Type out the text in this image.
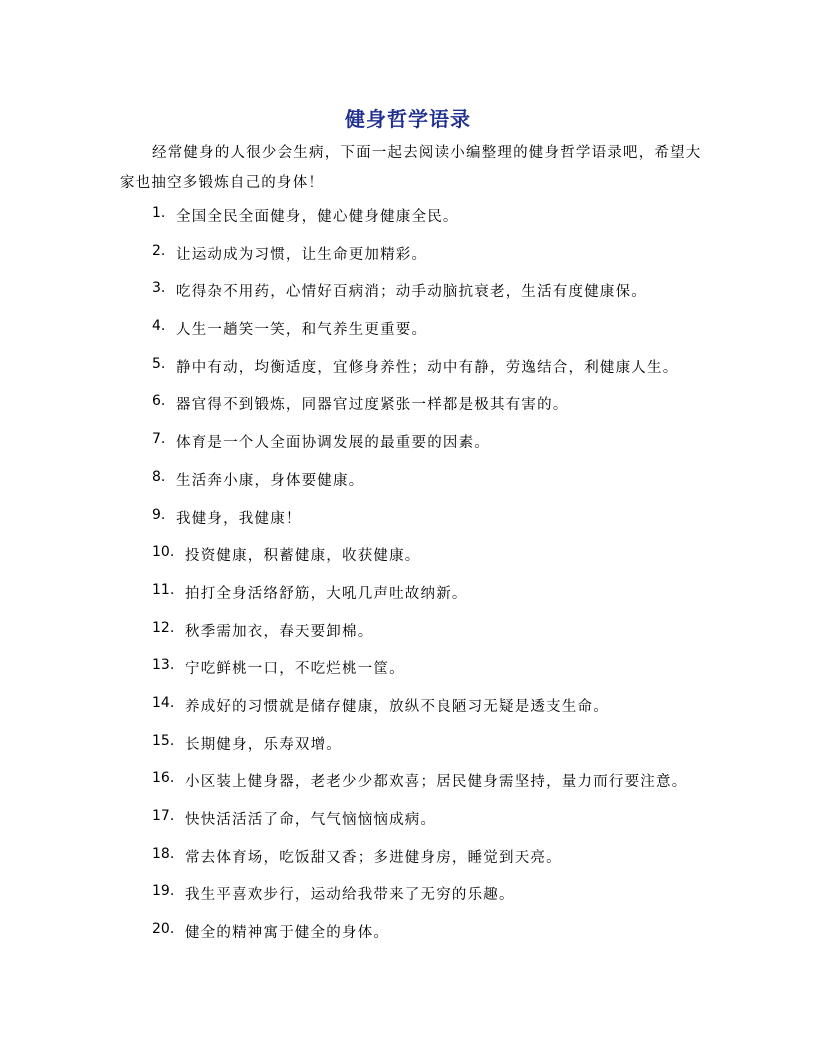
健身哲学语录
经常健身的人很少会生病，下面一起去阅读小编整理的健身哲学语录吧，希望大家也抽空多锻炼自己的身体！
1. 全国全民全面健身，健心健身健康全民。
2. 让运动成为习惯，让生命更加精彩。
3. 吃得杂不用药，心情好百病消；动手动脑抗衰老，生活有度健康保。
4. 人生一趟笑一笑，和气养生更重要。
5. 静中有动，均衡适度，宜修身养性；动中有静，劳逸结合，利健康人生。
6. 器官得不到锻炼，同器官过度紧张一样都是极其有害的。
7. 体育是一个人全面协调发展的最重要的因素。
8. 生活奔小康，身体要健康。
9. 我健身，我健康！
10. 投资健康，积蓄健康，收获健康。
11. 拍打全身活络舒筋，大吼几声吐故纳新。
12. 秋季需加衣，春天要卸棉。
13. 宁吃鲜桃一口，不吃烂桃一筐。
14. 养成好的习惯就是储存健康，放纵不良陋习无疑是透支生命。
15. 长期健身，乐寿双增。
16. 小区装上健身器，老老少少都欢喜；居民健身需坚持，量力而行要注意。
17. 快快活活活了命，气气恼恼恼成病。
18. 常去体育场，吃饭甜又香；多进健身房，睡觉到天亮。
19. 我生平喜欢步行，运动给我带来了无穷的乐趣。
20. 健全的精神寓于健全的身体。
